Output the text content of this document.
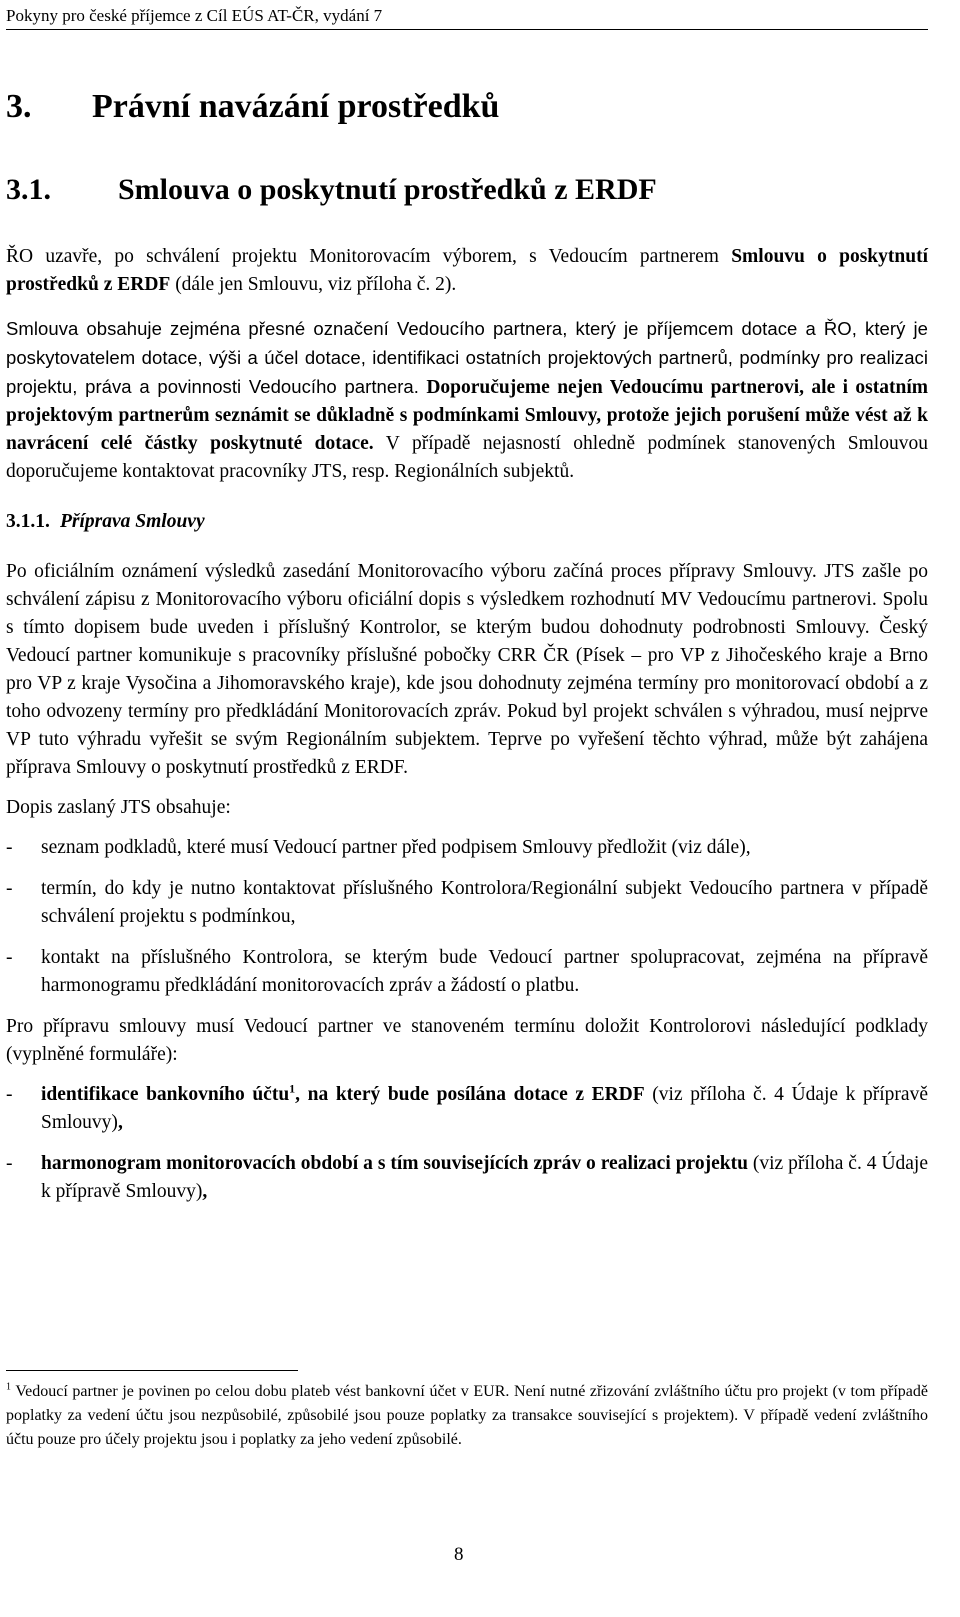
Pokyny pro české příjemce z Cíl EÚS AT-ČR, vydání 7
3. Právní navázání prostředků
3.1. Smlouva o poskytnutí prostředků z ERDF

ŘO uzavře, po schválení projektu Monitorovacím výborem, s Vedoucím partnerem Smlouvu o poskytnutí prostředků z ERDF (dále jen Smlouvu, viz příloha č. 2).

Smlouva obsahuje zejména přesné označení Vedoucího partnera, který je příjemcem dotace a ŘO, který je poskytovatelem dotace, výši a účel dotace, identifikaci ostatních projektových partnerů, podmínky pro realizaci projektu, práva a povinnosti Vedoucího partnera. Doporučujeme nejen Vedoucímu partnerovi, ale i ostatním projektovým partnerům seznámit se důkladně s podmínkami Smlouvy, protože jejich porušení může vést až k navrácení celé částky poskytnuté dotace. V případě nejasností ohledně podmínek stanovených Smlouvou doporučujeme kontaktovat pracovníky JTS, resp. Regionálních subjektů.

3.1.1. Příprava Smlouvy

Po oficiálním oznámení výsledků zasedání Monitorovacího výboru začíná proces přípravy Smlouvy. JTS zašle po schválení zápisu z Monitorovacího výboru oficiální dopis s výsledkem rozhodnutí MV Vedoucímu partnerovi. Spolu s tímto dopisem bude uveden i příslušný Kontrolor, se kterým budou dohodnuty podrobnosti Smlouvy. Český Vedoucí partner komunikuje s pracovníky příslušné pobočky CRR ČR (Písek – pro VP z Jihočeského kraje a Brno pro VP z kraje Vysočina a Jihomoravského kraje), kde jsou dohodnuty zejména termíny pro monitorovací období a z toho odvozeny termíny pro předkládání Monitorovacích zpráv. Pokud byl projekt schválen s výhradou, musí nejprve VP tuto výhradu vyřešit se svým Regionálním subjektem. Teprve po vyřešení těchto výhrad, může být zahájena příprava Smlouvy o poskytnutí prostředků z ERDF.

Dopis zaslaný JTS obsahuje:

- seznam podkladů, které musí Vedoucí partner před podpisem Smlouvy předložit (viz dále),
- termín, do kdy je nutno kontaktovat příslušného Kontrolora/Regionální subjekt Vedoucího partnera v případě schválení projektu s podmínkou,
- kontakt na příslušného Kontrolora, se kterým bude Vedoucí partner spolupracovat, zejména na přípravě harmonogramu předkládání monitorovacích zpráv a žádostí o platbu.

Pro přípravu smlouvy musí Vedoucí partner ve stanoveném termínu doložit Kontrolorovi následující podklady (vyplněné formuláře):

- identifikace bankovního účtu$^1$, na který bude posílána dotace z ERDF (viz příloha č. 4 Údaje k přípravě Smlouvy),
- harmonogram monitorovacích období a s tím souvisejících zpráv o realizaci projektu (viz příloha č. 4 Údaje k přípravě Smlouvy),
$^1$ Vedoucí partner je povinen po celou dobu plateb vést bankovní účet v EUR. Není nutné zřizování zvláštního účtu pro projekt (v tom případě poplatky za vedení účtu jsou nezpůsobilé, způsobilé jsou pouze poplatky za transakce související s projektem). V případě vedení zvláštního účtu pouze pro účely projektu jsou i poplatky za jeho vedení způsobilé.
8
